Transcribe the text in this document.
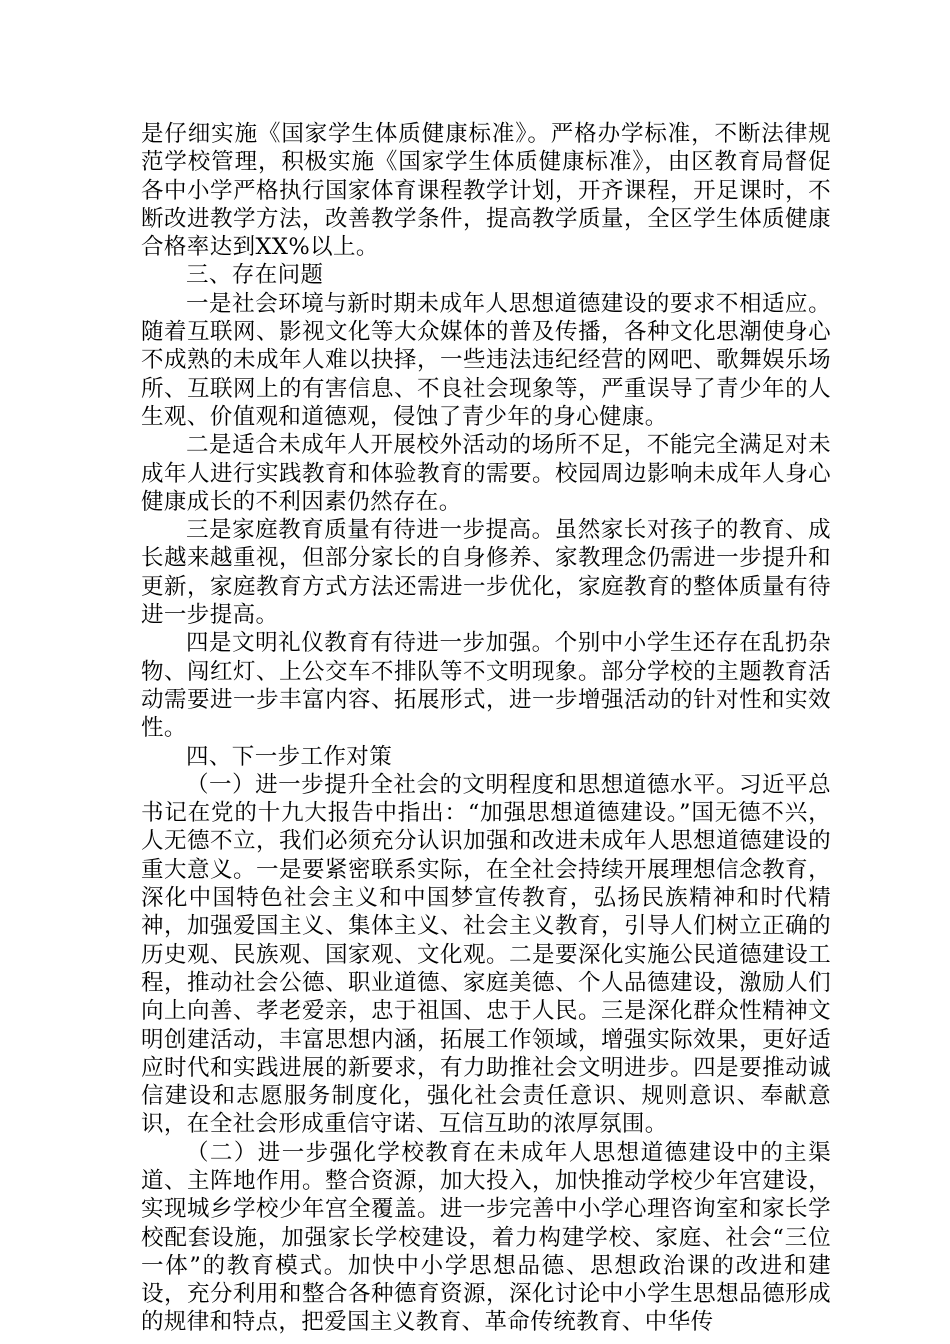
是仔细实施《国家学生体质健康标准》。严格办学标准，不断法律规范学校管理，积极实施《国家学生体质健康标准》，由区教育局督促各中小学严格执行国家体育课程教学计划，开齐课程，开足课时，不断改进教学方法，改善教学条件，提高教学质量，全区学生体质健康合格率达到XX%以上。

三、存在问题

一是社会环境与新时期未成年人思想道德建设的要求不相适应。随着互联网、影视文化等大众媒体的普及传播，各种文化思潮使身心不成熟的未成年人难以抉择，一些违法违纪经营的网吧、歌舞娱乐场所、互联网上的有害信息、不良社会现象等，严重误导了青少年的人生观、价值观和道德观，侵蚀了青少年的身心健康。

二是适合未成年人开展校外活动的场所不足，不能完全满足对未成年人进行实践教育和体验教育的需要。校园周边影响未成年人身心健康成长的不利因素仍然存在。

三是家庭教育质量有待进一步提高。虽然家长对孩子的教育、成长越来越重视，但部分家长的自身修养、家教理念仍需进一步提升和更新，家庭教育方式方法还需进一步优化，家庭教育的整体质量有待进一步提高。

四是文明礼仪教育有待进一步加强。个别中小学生还存在乱扔杂物、闯红灯、上公交车不排队等不文明现象。部分学校的主题教育活动需要进一步丰富内容、拓展形式，进一步增强活动的针对性和实效性。

四、下一步工作对策

（一）进一步提升全社会的文明程度和思想道德水平。习近平总书记在党的十九大报告中指出：“加强思想道德建设。”国无德不兴，人无德不立，我们必须充分认识加强和改进未成年人思想道德建设的重大意义。一是要紧密联系实际，在全社会持续开展理想信念教育，深化中国特色社会主义和中国梦宣传教育，弘扬民族精神和时代精神，加强爱国主义、集体主义、社会主义教育，引导人们树立正确的历史观、民族观、国家观、文化观。二是要深化实施公民道德建设工程，推动社会公德、职业道德、家庭美德、个人品德建设，激励人们向上向善、孝老爱亲，忠于祖国、忠于人民。三是深化群众性精神文明创建活动，丰富思想内涵，拓展工作领域，增强实际效果，更好适应时代和实践进展的新要求，有力助推社会文明进步。四是要推动诚信建设和志愿服务制度化，强化社会责任意识、规则意识、奉献意识，在全社会形成重信守诺、互信互助的浓厚氛围。

（二）进一步强化学校教育在未成年人思想道德建设中的主渠道、主阵地作用。整合资源，加大投入，加快推动学校少年宫建设，实现城乡学校少年宫全覆盖。进一步完善中小学心理咨询室和家长学校配套设施，加强家长学校建设，着力构建学校、家庭、社会“三位一体”的教育模式。加快中小学思想品德、思想政治课的改进和建设，充分利用和整合各种德育资源，深化讨论中小学生思想品德形成的规律和特点，把爱国主义教育、革命传统教育、中华传
